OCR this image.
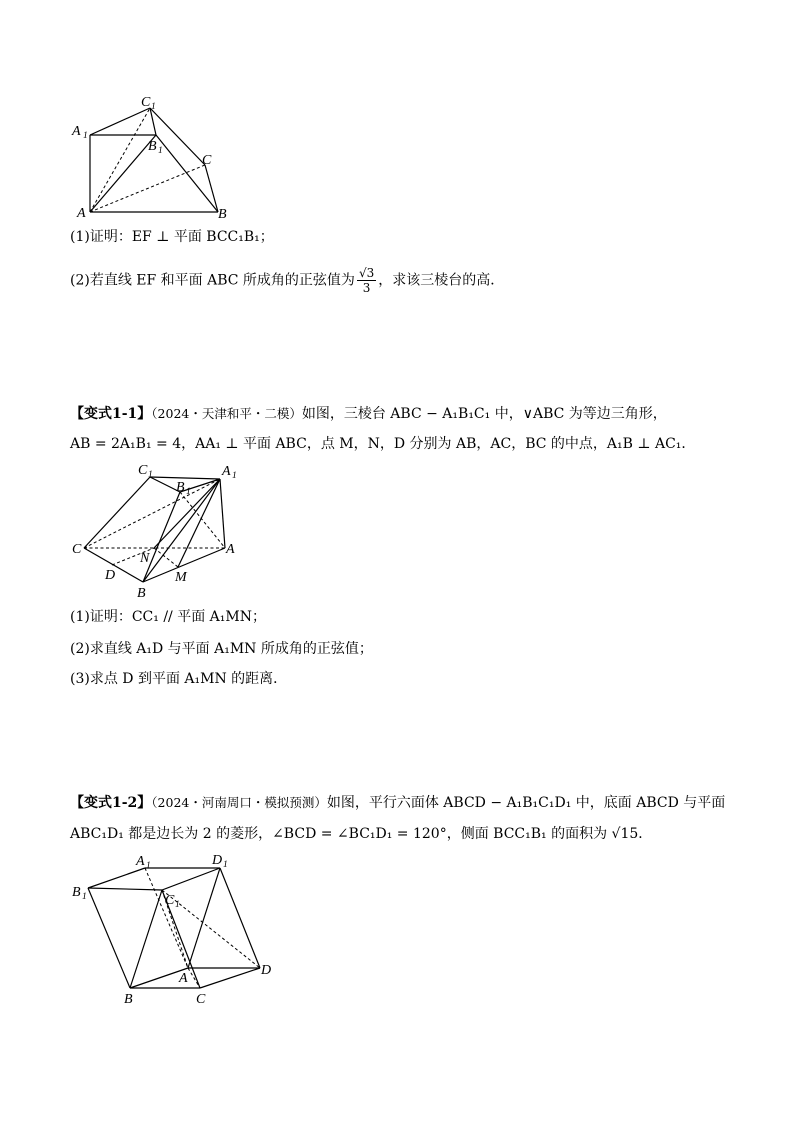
C 1
A 1
B 1
C
A	B
(1)证明：EF ⊥ 平面 BCC₁B₁；
(2)若直线 EF 和平面 ABC 所成角的正弦值为 $\frac{√3}{3}$ ，求该三棱台的高．
【变式1-1】（2024・天津和平・二模）如图，三棱台 ABC − A₁B₁C₁ 中，∨ABC 为等边三角形，
AB = 2A₁B₁ = 4，AA₁ ⊥ 平面 ABC，点 M，N，D 分别为 AB，AC，BC 的中点，A₁B ⊥ AC₁．
C 1
B 1
A 1
C
N
A
D	M
B
(1)证明：CC₁ // 平面 A₁MN；
(2)求直线 A₁D 与平面 A₁MN 所成角的正弦值；
(3)求点 D 到平面 A₁MN 的距离．
【变式1-2】（2024・河南周口・模拟预测）如图，平行六面体 ABCD − A₁B₁C₁D₁ 中，底面 ABCD 与平面
ABC₁D₁ 都是边长为 2 的菱形，∠BCD = ∠BC₁D₁ = 120°，侧面 BCC₁B₁ 的面积为 √15．
A 1	D 1
B 1	C 1
A
D
B	C
